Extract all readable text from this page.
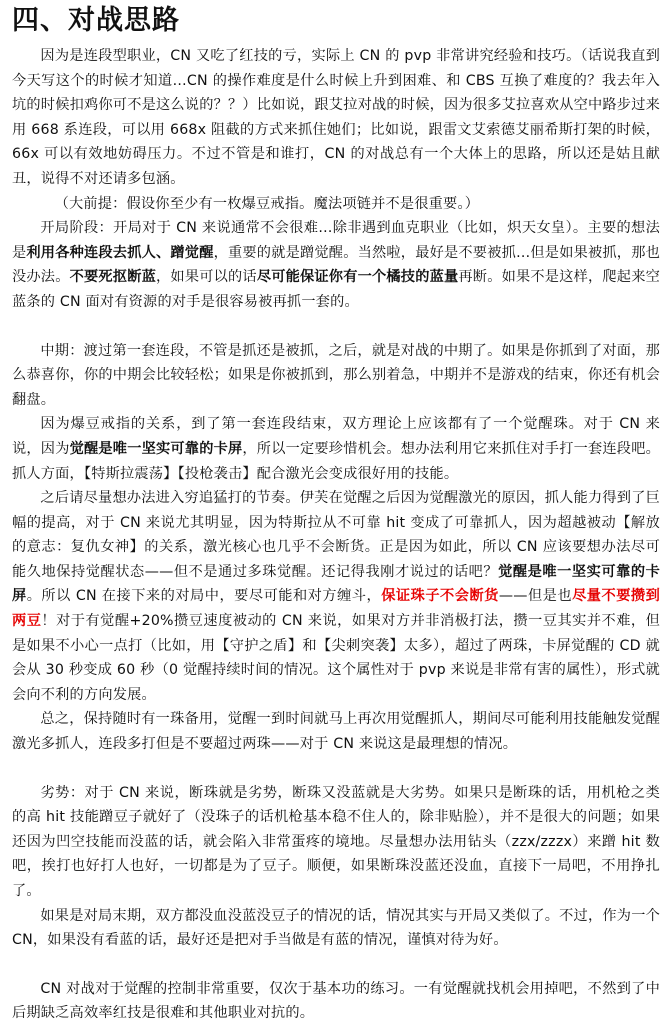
四、对战思路

因为是连段型职业，CN 又吃了红技的亏，实际上 CN 的 pvp 非常讲究经验和技巧。（话说我直到今天写这个的时候才知道…CN 的操作难度是什么时候上升到困难、和 CBS 互换了难度的？我去年入坑的时候扣鸡你可不是这么说的？？）比如说，跟艾拉对战的时候，因为很多艾拉喜欢从空中路步过来用 668 系连段，可以用 668x 阻截的方式来抓住她们；比如说，跟雷文艾索德艾丽希斯打架的时候，66x 可以有效地妨碍压力。不过不管是和谁打，CN 的对战总有一个大体上的思路，所以还是姑且献丑，说得不对还请多包涵。

（大前提：假设你至少有一枚爆豆戒指。魔法项链并不是很重要。）

开局阶段：开局对于 CN 来说通常不会很难…除非遇到血克职业（比如，炽天女皇）。主要的想法是利用各种连段去抓人、蹭觉醒，重要的就是蹭觉醒。当然啦，最好是不要被抓…但是如果被抓，那也没办法。不要死抠断蓝，如果可以的话尽可能保证你有一个橘技的蓝量再断。如果不是这样，爬起来空蓝条的 CN 面对有资源的对手是很容易被再抓一套的。

中期：渡过第一套连段，不管是抓还是被抓，之后，就是对战的中期了。如果是你抓到了对面，那么恭喜你，你的中期会比较轻松；如果是你被抓到，那么别着急，中期并不是游戏的结束，你还有机会翻盘。

因为爆豆戒指的关系，到了第一套连段结束，双方理论上应该都有了一个觉醒珠。对于 CN 来说，因为觉醒是唯一坚实可靠的卡屏，所以一定要珍惜机会。想办法利用它来抓住对手打一套连段吧。抓人方面，【特斯拉震荡】【投枪袭击】配合激光会变成很好用的技能。

之后请尽量想办法进入穷追猛打的节奏。伊芙在觉醒之后因为觉醒激光的原因，抓人能力得到了巨幅的提高，对于 CN 来说尤其明显，因为特斯拉从不可靠 hit 变成了可靠抓人，因为超越被动【解放的意志：复仇女神】的关系，激光核心也几乎不会断货。正是因为如此，所以 CN 应该要想办法尽可能久地保持觉醒状态——但不是通过多珠觉醒。还记得我刚才说过的话吧？觉醒是唯一坚实可靠的卡屏。所以 CN 在接下来的对局中，要尽可能和对方缠斗，保证珠子不会断货——但是也尽量不要攒到两豆！对于有觉醒+20%攒豆速度被动的 CN 来说，如果对方并非消极打法，攒一豆其实并不难，但是如果不小心一点打（比如，用【守护之盾】和【尖刺突袭】太多），超过了两珠，卡屏觉醒的 CD 就会从 30 秒变成 60 秒（0 觉醒持续时间的情况。这个属性对于 pvp 来说是非常有害的属性），形式就会向不利的方向发展。

总之，保持随时有一珠备用，觉醒一到时间就马上再次用觉醒抓人，期间尽可能利用技能触发觉醒激光多抓人，连段多打但是不要超过两珠——对于 CN 来说这是最理想的情况。

劣势：对于 CN 来说，断珠就是劣势，断珠又没蓝就是大劣势。如果只是断珠的话，用机枪之类的高 hit 技能蹭豆子就好了（没珠子的话机枪基本稳不住人的，除非贴脸），并不是很大的问题；如果还因为凹空技能而没蓝的话，就会陷入非常蛋疼的境地。尽量想办法用钻头（zzx/zzzx）来蹭 hit 数吧，挨打也好打人也好，一切都是为了豆子。顺便，如果断珠没蓝还没血，直接下一局吧，不用挣扎了。

如果是对局末期，双方都没血没蓝没豆子的情况的话，情况其实与开局又类似了。不过，作为一个 CN，如果没有看蓝的话，最好还是把对手当做是有蓝的情况，谨慎对待为好。

CN 对战对于觉醒的控制非常重要，仅次于基本功的练习。一有觉醒就找机会用掉吧，不然到了中后期缺乏高效率红技是很难和其他职业对抗的。
